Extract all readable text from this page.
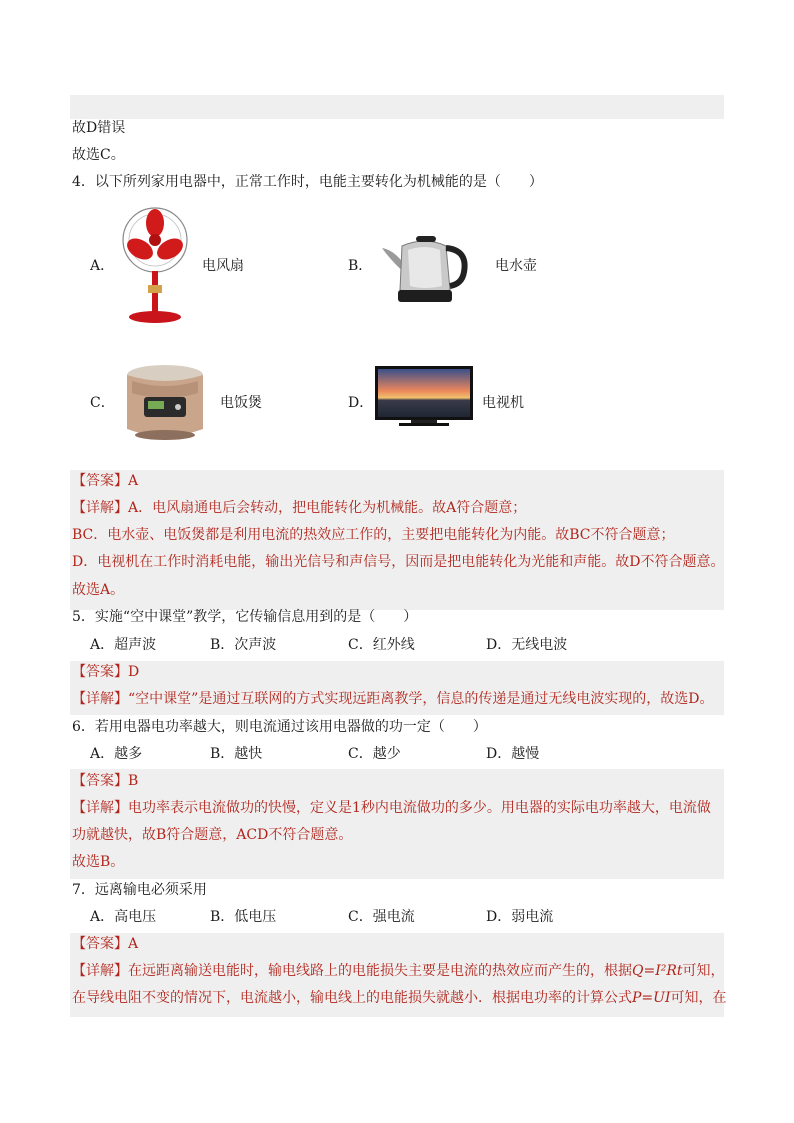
故D错误
故选C。
4．以下所列家用电器中，正常工作时，电能主要转化为机械能的是（　　）
A．	电风扇	B．	电水壶
C．	电饭煲	D．	电视机
【答案】A
【详解】A．电风扇通电后会转动，把电能转化为机械能。故A符合题意；
BC．电水壶、电饭煲都是利用电流的热效应工作的，主要把电能转化为内能。故BC不符合题意；
D．电视机在工作时消耗电能，输出光信号和声信号，因而是把电能转化为光能和声能。故D不符合题意。
故选A。
5．实施“空中课堂”教学，它传输信息用到的是（　　）
A．超声波	B．次声波	C．红外线	D．无线电波
【答案】D
【详解】“空中课堂”是通过互联网的方式实现远距离教学，信息的传递是通过无线电波实现的，故选D。
6．若用电器电功率越大，则电流通过该用电器做的功一定（　　）
A．越多	B．越快	C．越少	D．越慢
【答案】B
【详解】电功率表示电流做功的快慢，定义是1秒内电流做功的多少。用电器的实际电功率越大，电流做
功就越快，故B符合题意，ACD不符合题意。
故选B。
7．远离输电必须采用
A．高电压	B．低电压	C．强电流	D．弱电流
【答案】A
【详解】在远距离输送电能时，输电线路上的电能损失主要是电流的热效应而产生的，根据Q=I²Rt可知，
在导线电阻不变的情况下，电流越小，输电线上的电能损失就越小．根据电功率的计算公式P=UI可知，在
